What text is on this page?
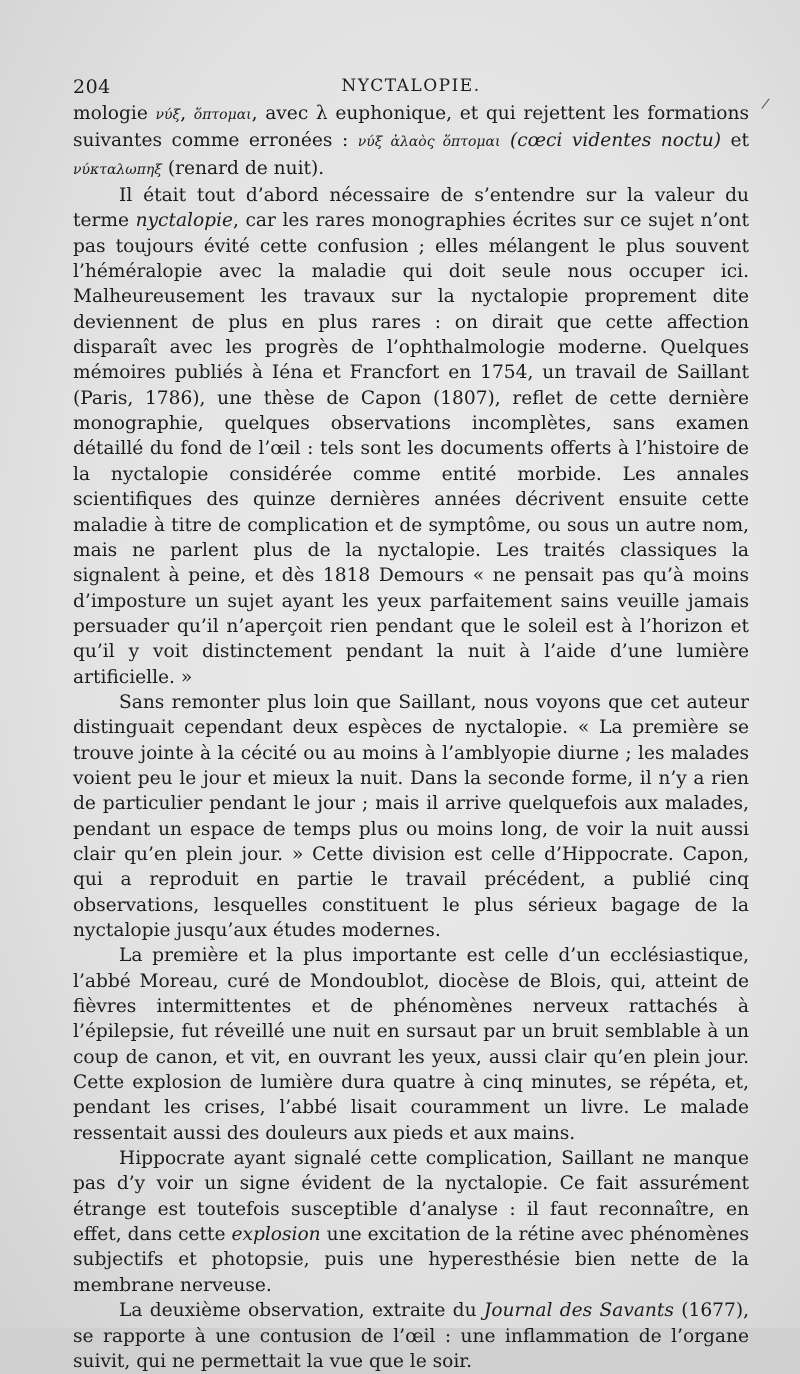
204	NYCTALOPIE.
/

mologie νύξ, ὅπτομαι, avec λ euphonique, et qui rejettent les formations suivantes comme erronées : νύξ ἀλαὸς ὅπτομαι (cœci videntes noctu) et νύκταλωπηξ (renard de nuit).

Il était tout d’abord nécessaire de s’entendre sur la valeur du terme nyctalopie, car les rares monographies écrites sur ce sujet n’ont pas toujours évité cette confusion ; elles mélangent le plus souvent l’héméralopie avec la maladie qui doit seule nous occuper ici. Malheureusement les travaux sur la nyctalopie proprement dite deviennent de plus en plus rares : on dirait que cette affection disparaît avec les progrès de l’ophthalmologie moderne. Quelques mémoires publiés à Iéna et Francfort en 1754, un travail de Saillant (Paris, 1786), une thèse de Capon (1807), reflet de cette dernière monographie, quelques observations incomplètes, sans examen détaillé du fond de l’œil : tels sont les documents offerts à l’histoire de la nyctalopie considérée comme entité morbide. Les annales scientifiques des quinze dernières années décrivent ensuite cette maladie à titre de complication et de symptôme, ou sous un autre nom, mais ne parlent plus de la nyctalopie. Les traités classiques la signalent à peine, et dès 1818 Demours « ne pensait pas qu’à moins d’imposture un sujet ayant les yeux parfaitement sains veuille jamais persuader qu’il n’aperçoit rien pendant que le soleil est à l’horizon et qu’il y voit distinctement pendant la nuit à l’aide d’une lumière artificielle. »

Sans remonter plus loin que Saillant, nous voyons que cet auteur distinguait cependant deux espèces de nyctalopie. « La première se trouve jointe à la cécité ou au moins à l’amblyopie diurne ; les malades voient peu le jour et mieux la nuit. Dans la seconde forme, il n’y a rien de particulier pendant le jour ; mais il arrive quelquefois aux malades, pendant un espace de temps plus ou moins long, de voir la nuit aussi clair qu’en plein jour. » Cette division est celle d’Hippocrate. Capon, qui a reproduit en partie le travail précédent, a publié cinq observations, lesquelles constituent le plus sérieux bagage de la nyctalopie jusqu’aux études modernes.

La première et la plus importante est celle d’un ecclésiastique, l’abbé Moreau, curé de Mondoublot, diocèse de Blois, qui, atteint de fièvres intermittentes et de phénomènes nerveux rattachés à l’épilepsie, fut réveillé une nuit en sursaut par un bruit semblable à un coup de canon, et vit, en ouvrant les yeux, aussi clair qu’en plein jour. Cette explosion de lumière dura quatre à cinq minutes, se répéta, et, pendant les crises, l’abbé lisait couramment un livre. Le malade ressentait aussi des douleurs aux pieds et aux mains.

Hippocrate ayant signalé cette complication, Saillant ne manque pas d’y voir un signe évident de la nyctalopie. Ce fait assurément étrange est toutefois susceptible d’analyse : il faut reconnaître, en effet, dans cette explosion une excitation de la rétine avec phénomènes subjectifs et photopsie, puis une hyperesthésie bien nette de la membrane nerveuse.

La deuxième observation, extraite du Journal des Savants (1677), se rapporte à une contusion de l’œil : une inflammation de l’organe suivit, qui ne permettait la vue que le soir.
